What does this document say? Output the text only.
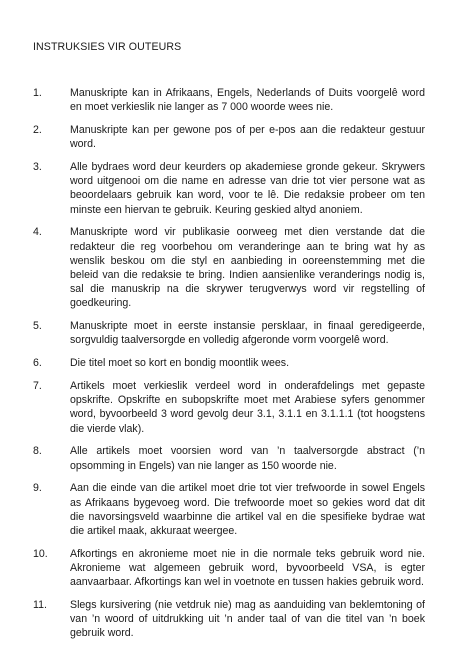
INSTRUKSIES VIR OUTEURS
1.	Manuskripte kan in Afrikaans, Engels, Nederlands of Duits voorgelê word en moet verkieslik nie langer as 7 000 woorde wees nie.
2.	Manuskripte kan per gewone pos of per e-pos aan die redakteur gestuur word.
3.	Alle bydraes word deur keurders op akademiese gronde gekeur. Skrywers word uitgenooi om die name en adresse van drie tot vier persone wat as beoordelaars gebruik kan word, voor te lê. Die redaksie probeer om ten minste een hiervan te gebruik. Keuring geskied altyd anoniem.
4.	Manuskripte word vir publikasie oorweeg met dien verstande dat die redakteur die reg voorbehou om veranderinge aan te bring wat hy as wenslik beskou om die styl en aanbieding in ooreenstemming met die beleid van die redaksie te bring. Indien aansienlike veranderings nodig is, sal die manuskrip na die skrywer terugverwys word vir regstelling of goedkeuring.
5.	Manuskripte moet in eerste instansie persklaar, in finaal geredigeerde, sorgvuldig taalversorgde en volledig afgeronde vorm voorgelê word.
6.	Die titel moet so kort en bondig moontlik wees.
7.	Artikels moet verkieslik verdeel word in onderafdelings met gepaste opskrifte. Opskrifte en subopskrifte moet met Arabiese syfers genommer word, byvoorbeeld 3 word gevolg deur 3.1, 3.1.1 en 3.1.1.1 (tot hoogstens die vierde vlak).
8.	Alle artikels moet voorsien word van ’n taalversorgde abstract (’n opsomming in Engels) van nie langer as 150 woorde nie.
9.	Aan die einde van die artikel moet drie tot vier trefwoorde in sowel Engels as Afrikaans bygevoeg word. Die trefwoorde moet so gekies word dat dit die navorsingsveld waarbinne die artikel val en die spesifieke bydrae wat die artikel maak, akkuraat weergee.
10.	Afkortings en akronieme moet nie in die normale teks gebruik word nie. Akronieme wat algemeen gebruik word, byvoorbeeld VSA, is egter aanvaarbaar. Afkortings kan wel in voetnote en tussen hakies gebruik word.
11.	Slegs kursivering (nie vetdruk nie) mag as aanduiding van beklemtoning of van ’n woord of uitdrukking uit ’n ander taal of van die titel van ’n boek gebruik word.
